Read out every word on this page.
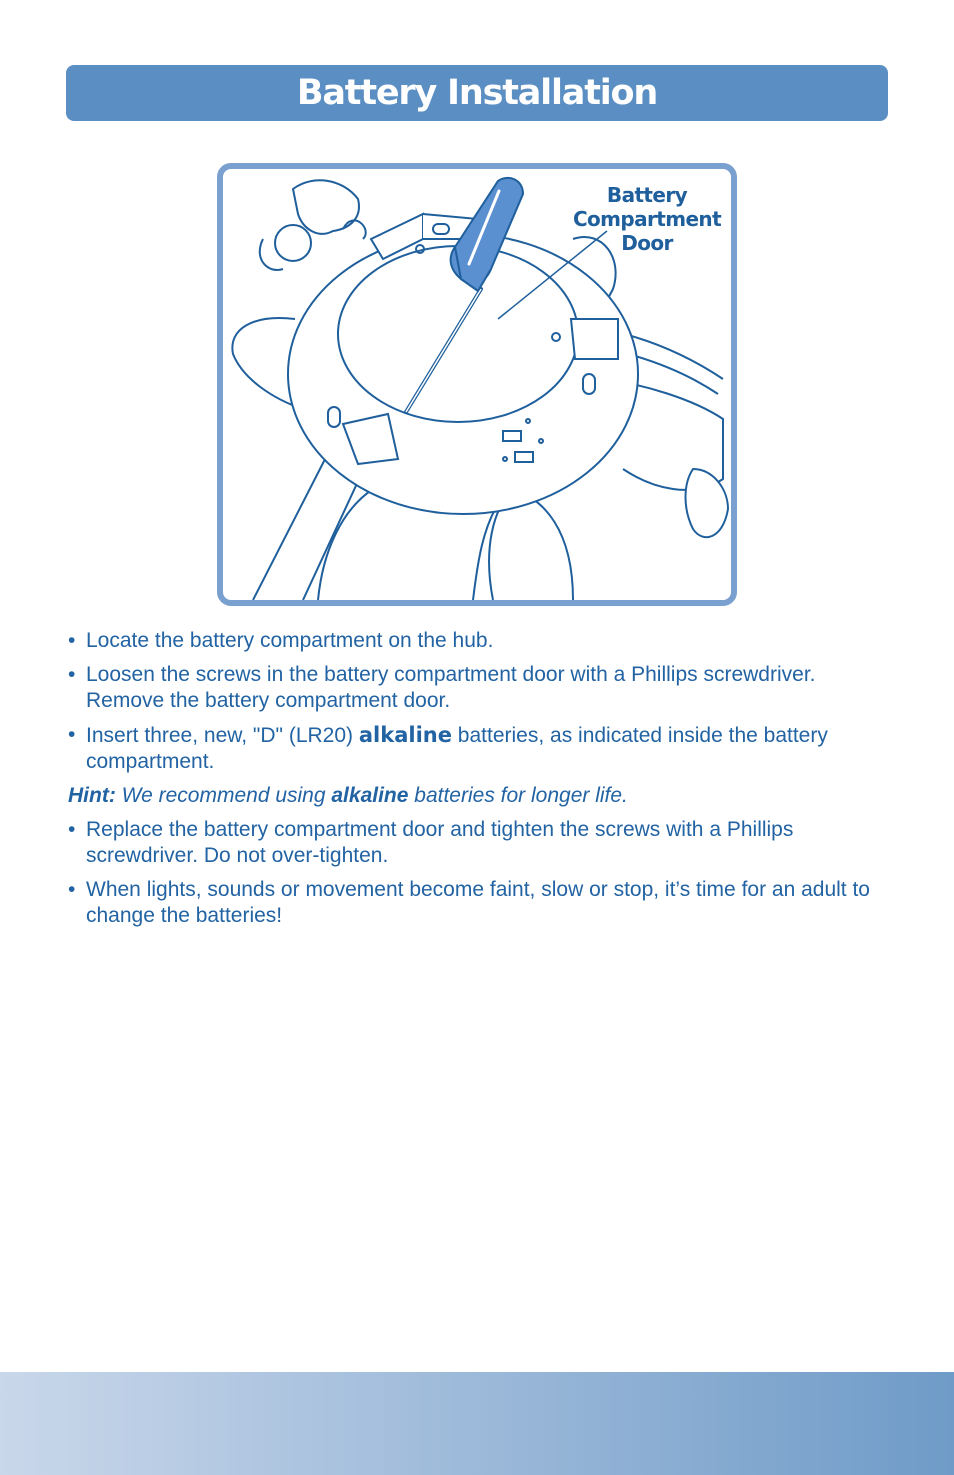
Battery Installation
Battery
Compartment
Door
• Locate the battery compartment on the hub.
• Loosen the screws in the battery compartment door with a Phillips screwdriver. Remove the battery compartment door.
• Insert three, new, "D" (LR20) alkaline batteries, as indicated inside the battery compartment.

Hint: We recommend using alkaline batteries for longer life.

• Replace the battery compartment door and tighten the screws with a Phillips screwdriver. Do not over-tighten.
• When lights, sounds or movement become faint, slow or stop, it’s time for an adult to change the batteries!
